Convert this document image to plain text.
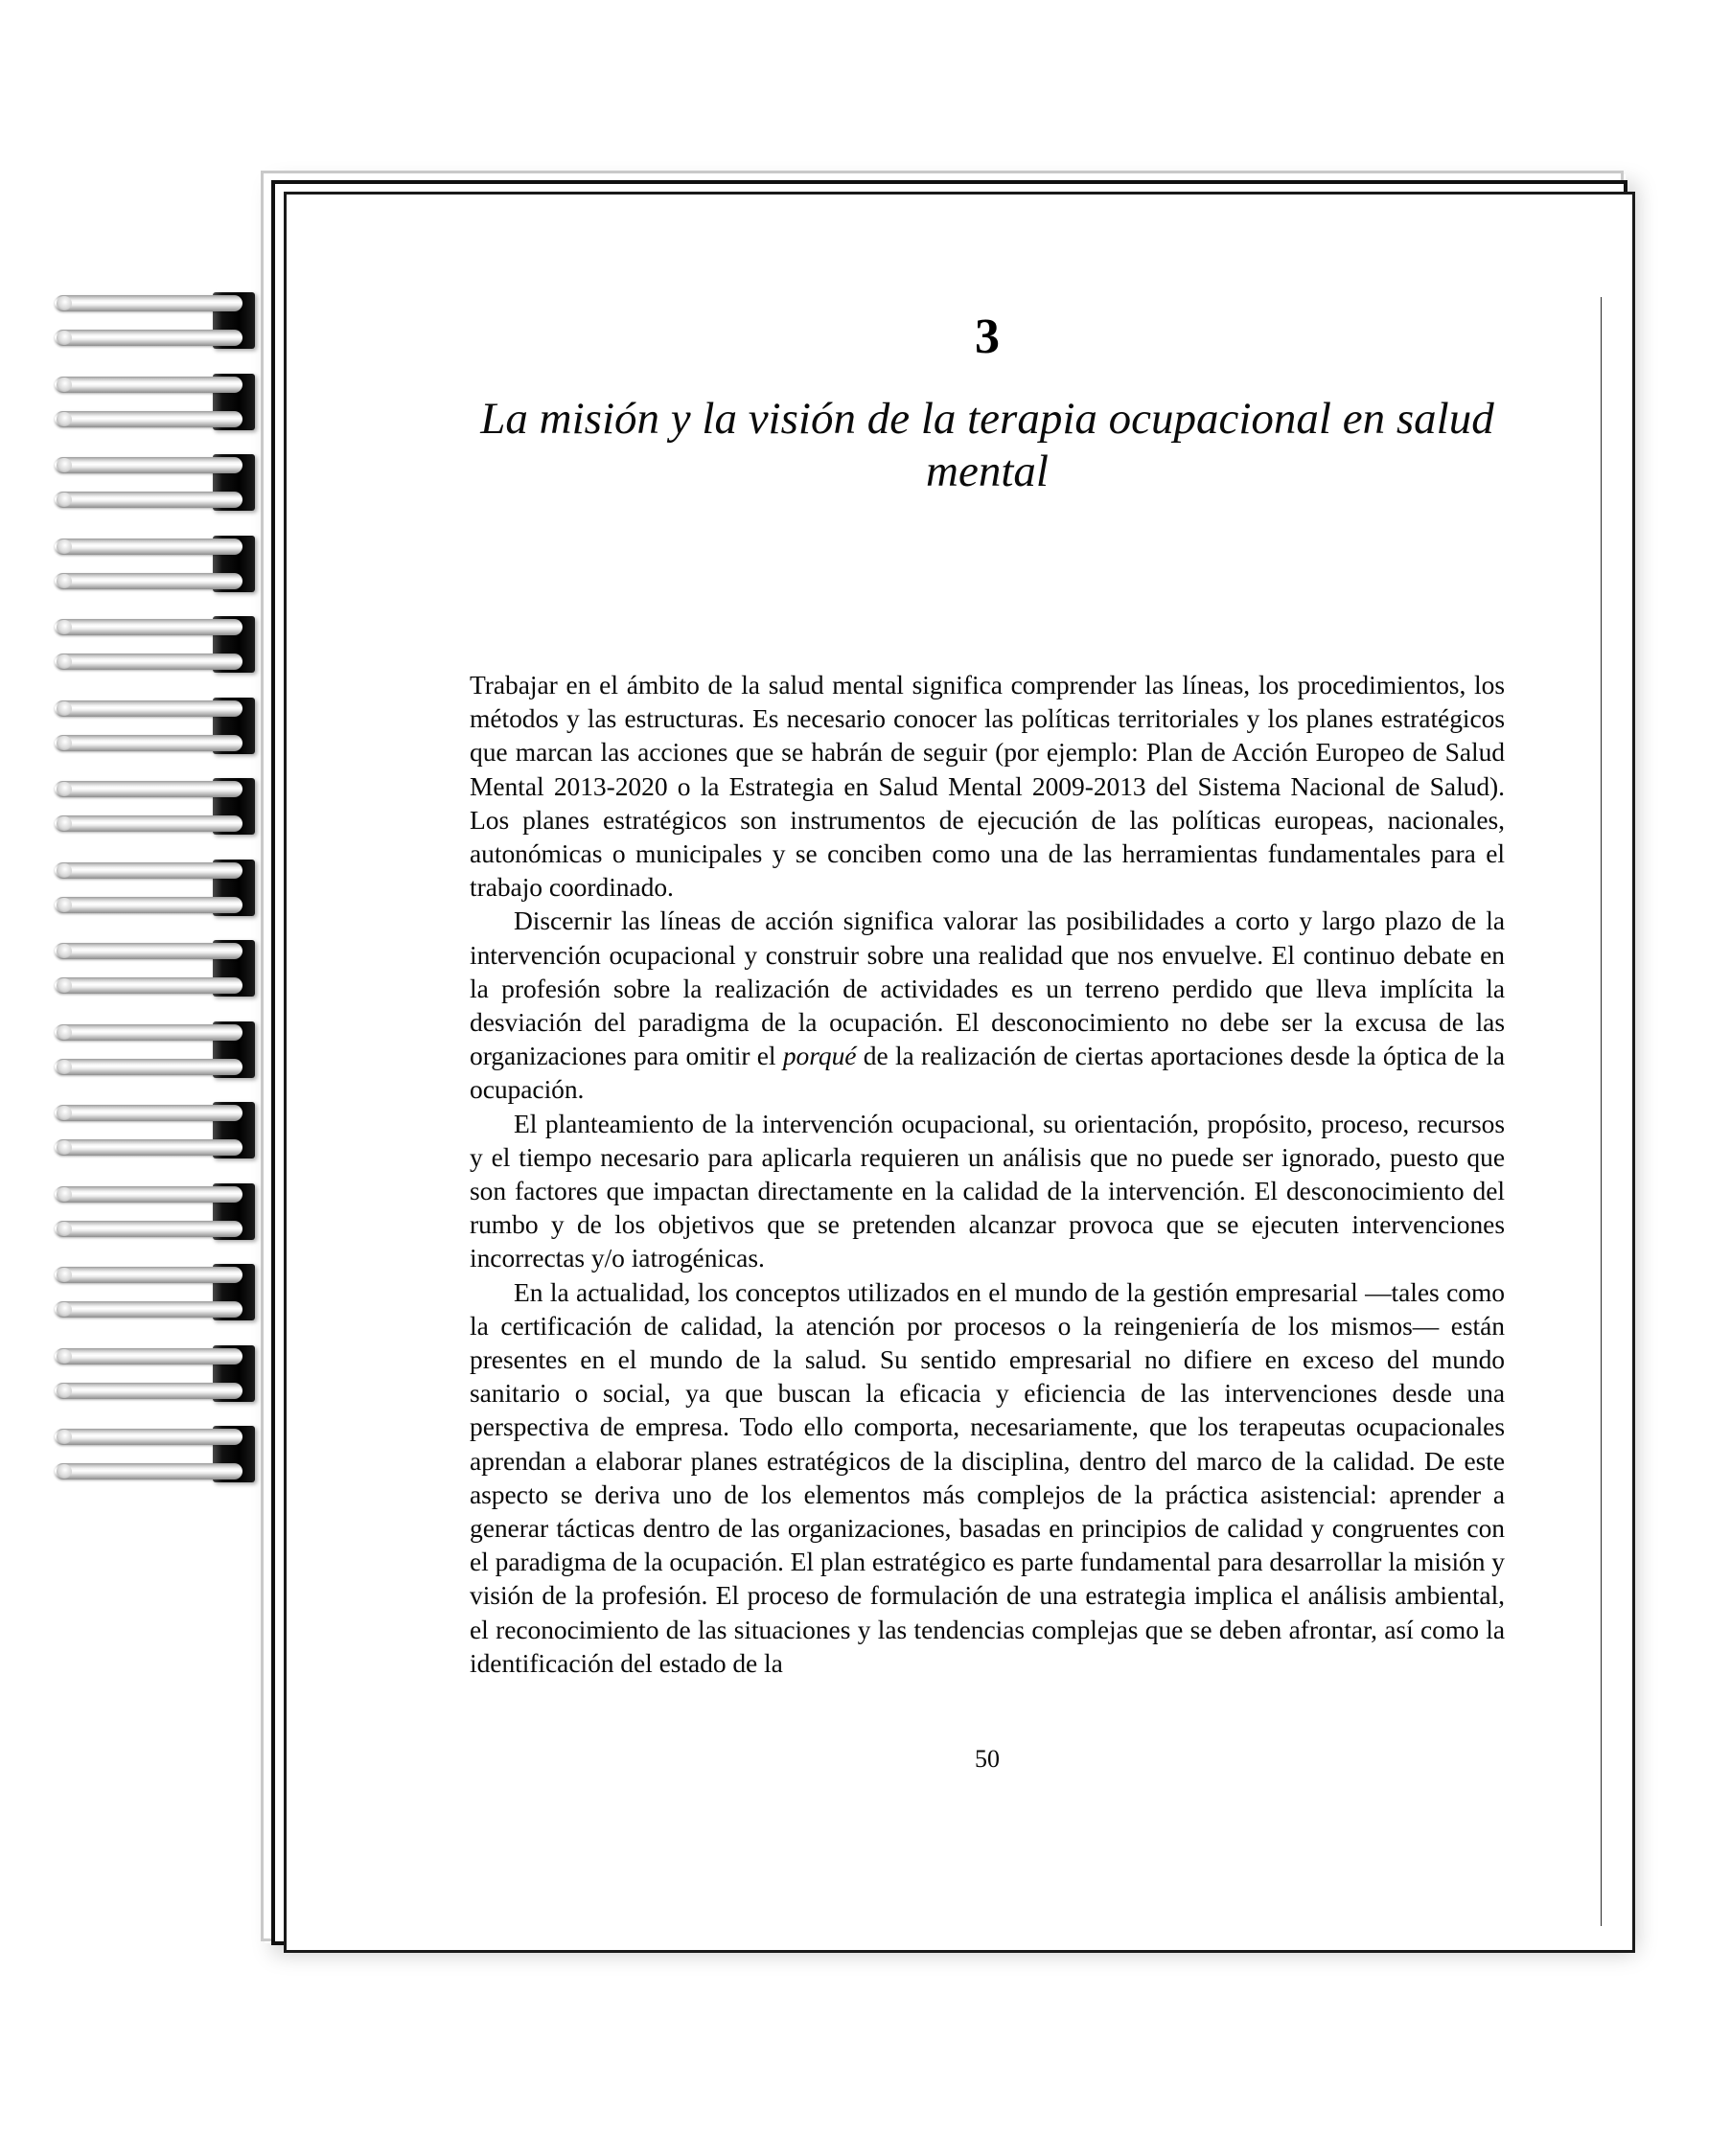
3
La misión y la visión de la terapia ocupacional en salud mental

Trabajar en el ámbito de la salud mental significa comprender las líneas, los procedimientos, los métodos y las estructuras. Es necesario conocer las políticas territoriales y los planes estratégicos que marcan las acciones que se habrán de seguir (por ejemplo: Plan de Acción Europeo de Salud Mental 2013-2020 o la Estrategia en Salud Mental 2009-2013 del Sistema Nacional de Salud). Los planes estratégicos son instrumentos de ejecución de las políticas europeas, nacionales, autonómicas o municipales y se conciben como una de las herramientas fundamentales para el trabajo coordinado.

Discernir las líneas de acción significa valorar las posibilidades a corto y largo plazo de la intervención ocupacional y construir sobre una realidad que nos envuelve. El continuo debate en la profesión sobre la realización de actividades es un terreno perdido que lleva implícita la desviación del paradigma de la ocupación. El desconocimiento no debe ser la excusa de las organizaciones para omitir el porqué de la realización de ciertas aportaciones desde la óptica de la ocupación.

El planteamiento de la intervención ocupacional, su orientación, propósito, proceso, recursos y el tiempo necesario para aplicarla requieren un análisis que no puede ser ignorado, puesto que son factores que impactan directamente en la calidad de la intervención. El desconocimiento del rumbo y de los objetivos que se pretenden alcanzar provoca que se ejecuten intervenciones incorrectas y/o iatrogénicas.

En la actualidad, los conceptos utilizados en el mundo de la gestión empresarial —tales como la certificación de calidad, la atención por procesos o la reingeniería de los mismos— están presentes en el mundo de la salud. Su sentido empresarial no difiere en exceso del mundo sanitario o social, ya que buscan la eficacia y eficiencia de las intervenciones desde una perspectiva de empresa. Todo ello comporta, necesariamente, que los terapeutas ocupacionales aprendan a elaborar planes estratégicos de la disciplina, dentro del marco de la calidad. De este aspecto se deriva uno de los elementos más complejos de la práctica asistencial: aprender a generar tácticas dentro de las organizaciones, basadas en principios de calidad y congruentes con el paradigma de la ocupación. El plan estratégico es parte fundamental para desarrollar la misión y visión de la profesión. El proceso de formulación de una estrategia implica el análisis ambiental, el reconocimiento de las situaciones y las tendencias complejas que se deben afrontar, así como la identificación del estado de la

50
